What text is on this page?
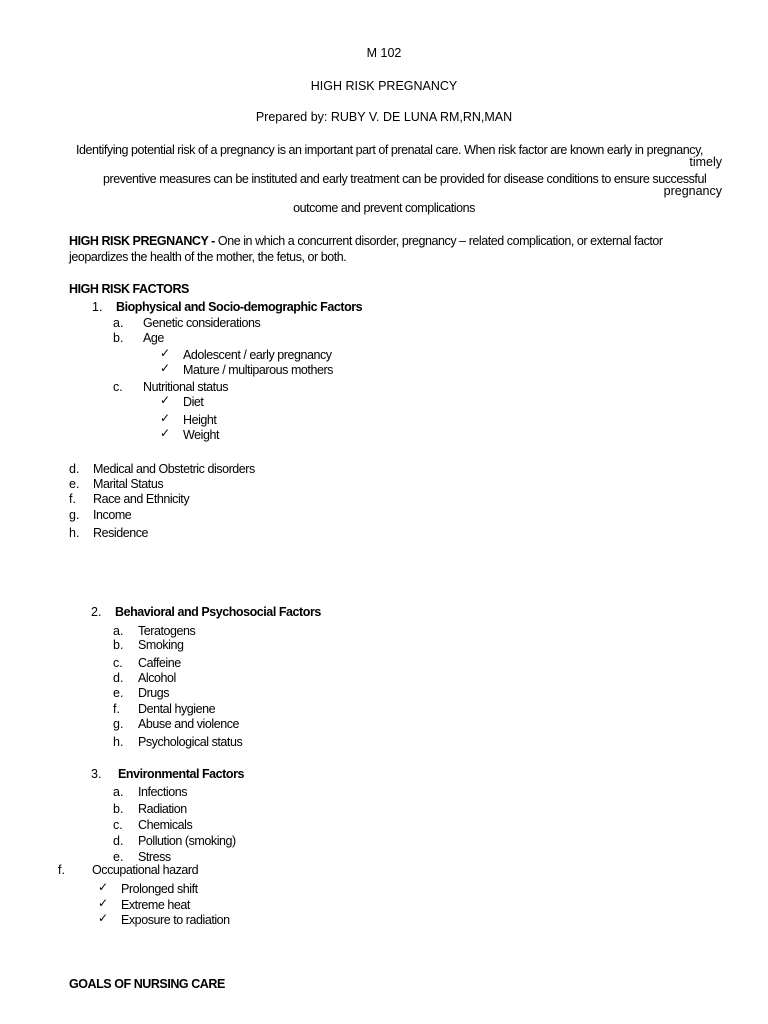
M 102
HIGH RISK PREGNANCY
Prepared by: RUBY V. DE LUNA RM,RN,MAN
Identifying potential risk of a pregnancy is an important part of prenatal care. When risk factor are known early in pregnancy,
timely
preventive measures can be instituted and early treatment can be provided for disease conditions to ensure successful
pregnancy
outcome and prevent complications
HIGH RISK PREGNANCY - One in which a concurrent disorder, pregnancy – related complication, or external factor
jeopardizes the health of the mother, the fetus, or both.
HIGH RISK FACTORS
1. Biophysical and Socio-demographic Factors
a. Genetic considerations
b. Age
✓ Adolescent / early pregnancy
✓ Mature / multiparous mothers
c. Nutritional status
✓ Diet
✓ Height
✓ Weight
d. Medical and Obstetric disorders
e. Marital Status
f. Race and Ethnicity
g. Income
h. Residence
2. Behavioral and Psychosocial Factors
a. Teratogens
b. Smoking
c. Caffeine
d. Alcohol
e. Drugs
f. Dental hygiene
g. Abuse and violence
h. Psychological status
3. Environmental Factors
a. Infections
b. Radiation
c. Chemicals
d. Pollution (smoking)
e. Stress
f. Occupational hazard
✓ Prolonged shift
✓ Extreme heat
✓ Exposure to radiation
GOALS OF NURSING CARE
